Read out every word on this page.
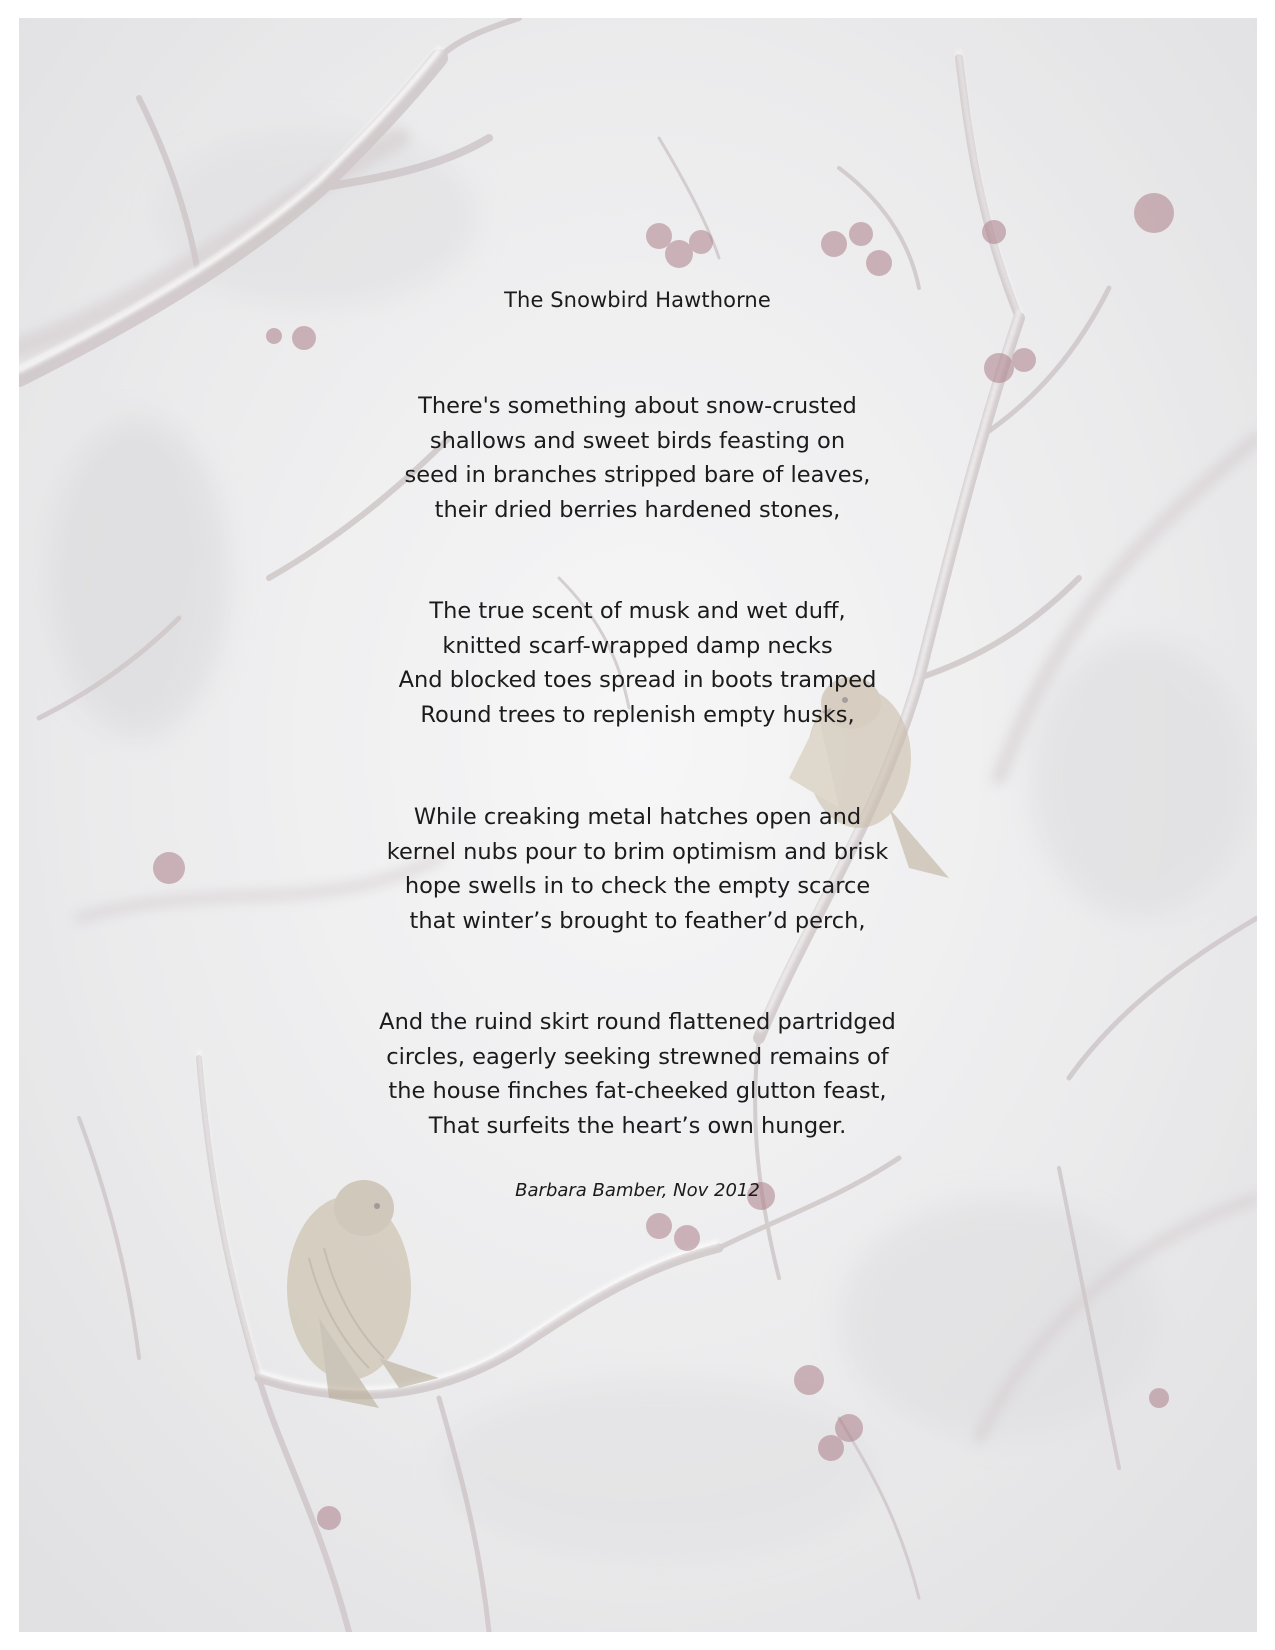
The Snowbird Hawthorne
There's something about snow-crusted
shallows and sweet birds feasting on
seed in branches stripped bare of leaves,
their dried berries hardened stones,
The true scent of musk and wet duff,
knitted scarf-wrapped damp necks
And blocked toes spread in boots tramped
Round trees to replenish empty husks,
While creaking metal hatches open and
kernel nubs pour to brim optimism and brisk
hope swells in to check the empty scarce
that winter’s brought to feather’d perch,
And the ruind skirt round flattened partridged
circles, eagerly seeking strewned remains of
the house finches fat-cheeked glutton feast,
That surfeits the heart’s own hunger.
Barbara Bamber, Nov 2012
